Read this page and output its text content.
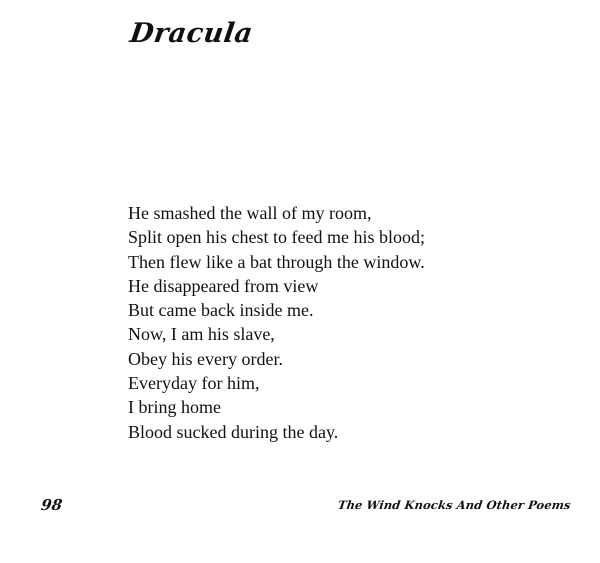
Dracula
He smashed the wall of my room,
Split open his chest to feed me his blood;
Then flew like a bat through the window.
He disappeared from view
But came back inside me.
Now, I am his slave,
Obey his every order.
Everyday for him,
I bring home
Blood sucked during the day.
98	The Wind Knocks And Other Poems
